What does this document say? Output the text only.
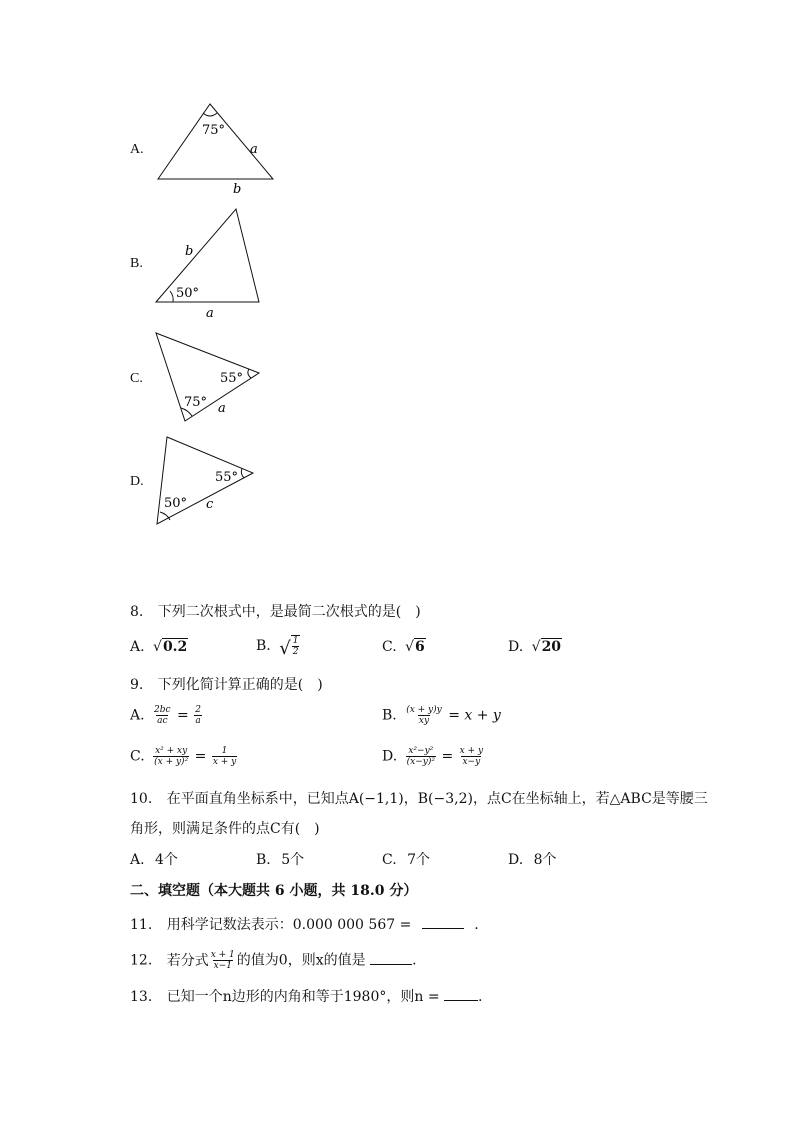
A.
75°
a
b
B.
b
50°
a
C.	55°
75° a
D.	55°
50° c
8. 下列二次根式中，是最简二次根式的是(　)
A. √ 0.2	B. √ $\frac{1}{2}$	C. √ 6	D. √ 20
9. 下列化简计算正确的是(　)
A. $\frac{2bc}{ac} = \frac{2}{a}$	B. $\frac{(x + y)y}{xy} = x + y$
C. $\frac{\text{x² + xy}}{\text{(x + y)²}} = \frac{1}{x + y}$	D. $\frac{\text{x²−y²}}{\text{(x−y)²}} = \frac{x + y}{x-y}$
10. 在平面直角坐标系中，已知点A(−1,1)，B(−3,2)，点C在坐标轴上，若△ABC是等腰三
角形，则满足条件的点C有(　)
A. 4个	B. 5个	C. 7个	D. 8个
二、填空题（本大题共 6 小题，共 18.0 分）
11. 用科学记数法表示：0.000 000 567 =	.
12. 若分式 $\frac{x + 1}{x-1}$ 的值为0，则x的值是	.
13. 已知一个n边形的内角和等于1980°，则n =	.
